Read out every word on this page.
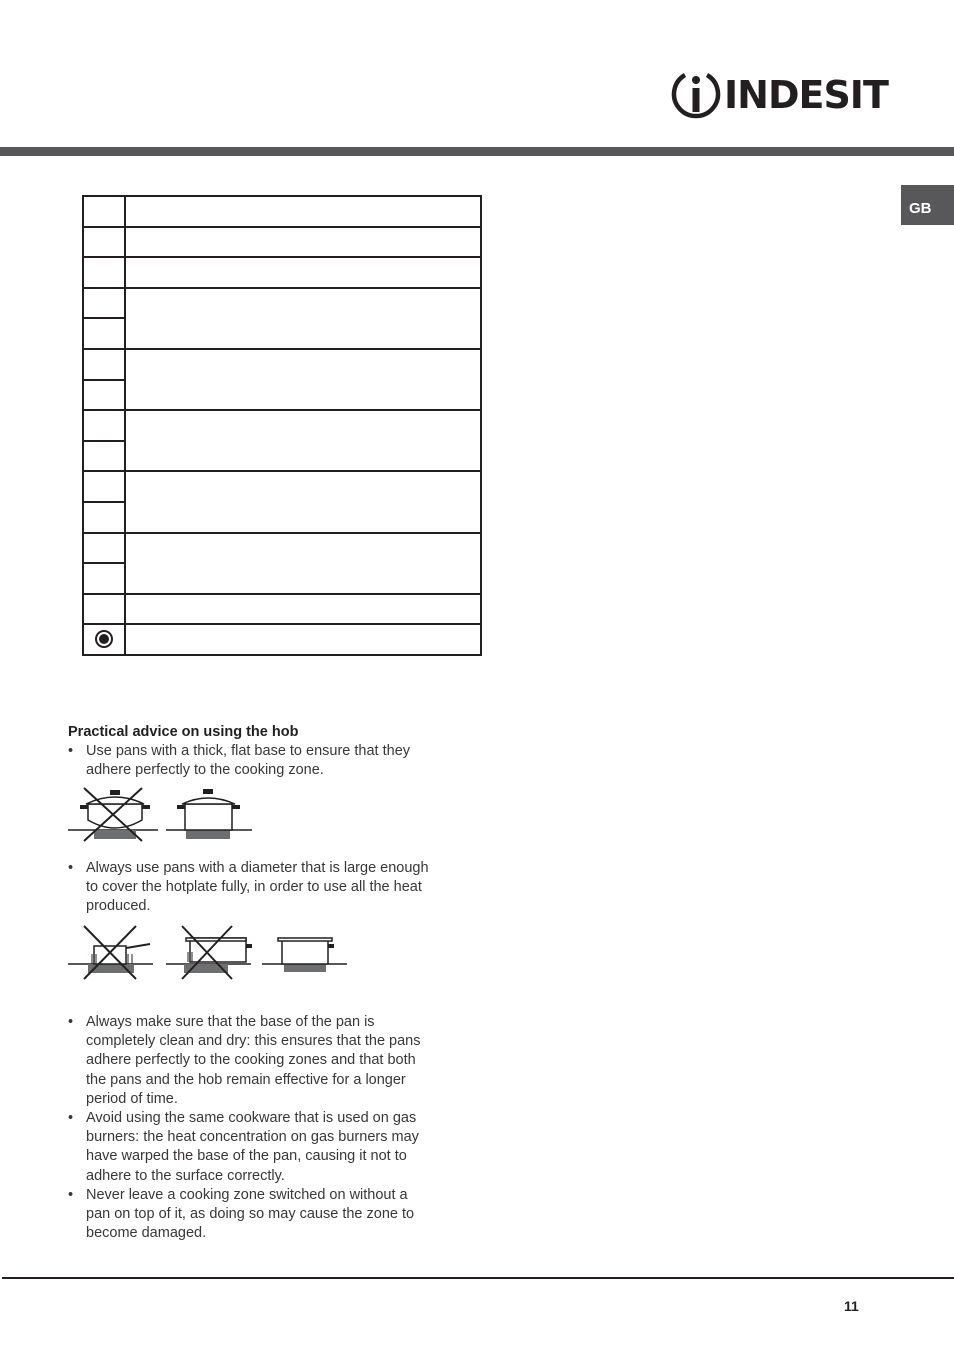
INDESIT
GB

Practical advice on using the hob

• Use pans with a thick, flat base to ensure that they
adhere perfectly to the cooking zone.

• Always use pans with a diameter that is large enough
to cover the hotplate fully, in order to use all the heat
produced.

• Always make sure that the base of the pan is
completely clean and dry: this ensures that the pans
adhere perfectly to the cooking zones and that both
the pans and the hob remain effective for a longer
period of time.

• Avoid using the same cookware that is used on gas
burners: the heat concentration on gas burners may
have warped the base of the pan, causing it not to
adhere to the surface correctly.

• Never leave a cooking zone switched on without a
pan on top of it, as doing so may cause the zone to
become damaged.

11
